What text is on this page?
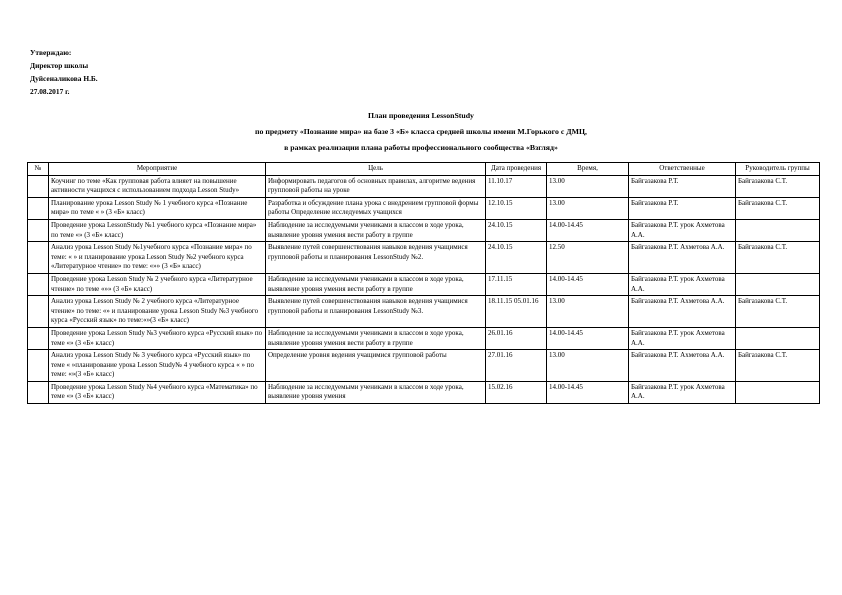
Утверждаю:
Директор школы
Дуйсеналикова Н.Б.
27.08.2017 г.
План проведения LessonStudy
по предмету «Познание мира» на базе 3 «Б» класса средней школы имени М.Горького с ДМЦ,
в рамках реализации плана работы профессионального сообщества «Взгляд»
№	Мероприятие	Цель	Дата проведения	Время,	Ответственные	Руководитель группы
	Коучинг по теме «Как групповая работа влияет на повышение активности учащихся с использованием подхода Lesson Study»	Информировать педагогов об основных правилах, алгоритме ведения групповой работы на уроке	11.10.17	13.00	Байгазакова Р.Т.	Байгазакова С.Т.
	Планирование урока Lesson Study № 1 учебного курса «Познание мира» по теме « » (3 «Б» класс)	Разработка и обсуждение плана урока с внедрением групповой формы работы Определение исследуемых учащихся	12.10.15	13.00	Байгазакова Р.Т.	Байгазакова С.Т.
	Проведение урока LessonStudy №1 учебного курса «Познание мира» по теме «» (3 «Б» класс)	Наблюдение за исследуемыми учениками в классом в ходе урока, выявление уровня умения вести работу в группе	24.10.15	14.00-14.45	Байгазакова Р.Т. урок Ахметова А.А.	
	Анализ урока Lesson Study №1учебного курса «Познание мира» по теме: « » и планирование урока Lesson Study №2 учебного курса «Литературное чтение» по теме: «»» (3 «Б» класс)	Выявление путей совершенствования навыков ведения учащимися групповой работы и планирования LessonStudy №2.	24.10.15	12.50	Байгазакова Р.Т. Ахметова А.А.	Байгазакова С.Т.
	Проведение урока Lesson Study № 2 учебного курса «Литературное чтение» по теме «»» (3 «Б» класс)	Наблюдение за исследуемыми учениками в классом в ходе урока, выявление уровня умения вести работу в группе	17.11.15	14.00-14.45	Байгазакова Р.Т. урок Ахметова А.А.	
	Анализ урока Lesson Study № 2 учебного курса «Литературное чтение» по теме: «» и планирование урока Lesson Study №3 учебного курса «Русский язык» по теме:«»(3 «Б» класс)	Выявление путей совершенствования навыков ведения учащимися групповой работы и планирования LessonStudy №3.	18.11.15 05.01.16	13.00	Байгазакова Р.Т. Ахметова А.А.	Байгазакова С.Т.
	Проведение урока Lesson Study №3 учебного курса «Русский язык» по теме «» (3 «Б» класс)	Наблюдение за исследуемыми учениками в классом в ходе урока, выявление уровня умения вести работу в группе	26.01.16	14.00-14.45	Байгазакова Р.Т. урок Ахметова А.А.	
	Анализ урока Lesson Study № 3 учебного курса «Русский язык» по теме « »планирование урока Lesson Study№ 4 учебного курса « » по теме: «»(3 «Б» класс)	Определение уровня ведения учащимися групповой работы	27.01.16	13.00	Байгазакова Р.Т. Ахметова А.А.	Байгазакова С.Т.
	Проведение урока Lesson Study №4 учебного курса «Математика» по теме «» (3 «Б» класс)	Наблюдение за исследуемыми учениками в классом в ходе урока, выявление уровня умения	15.02.16	14.00-14.45	Байгазакова Р.Т. урок Ахметова А.А.	
